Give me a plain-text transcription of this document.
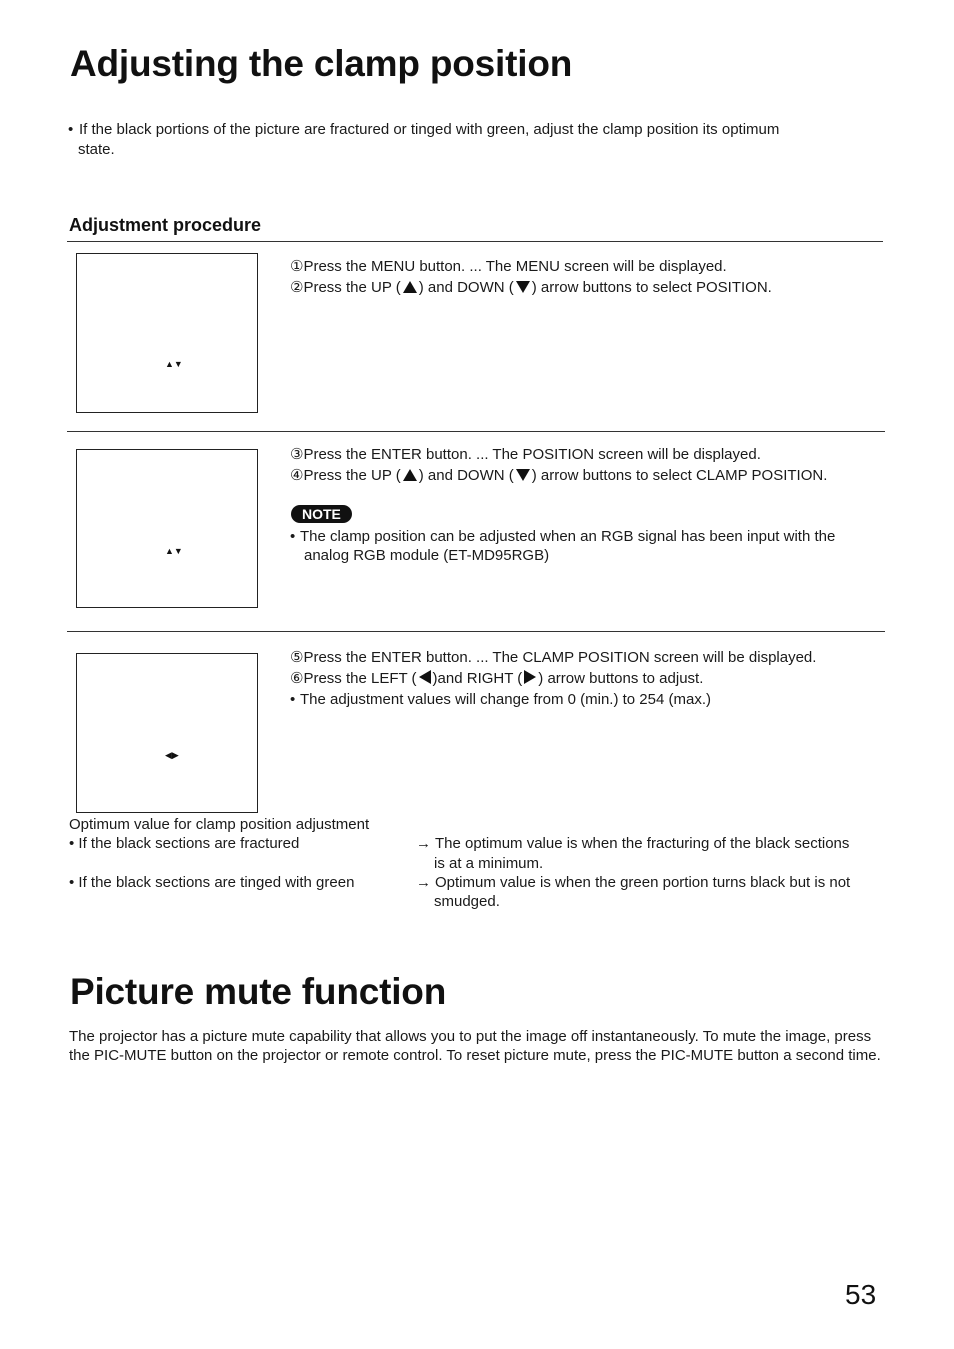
Adjusting the clamp position
• If the black portions of the picture are fractured or tinged with green, adjust the clamp position its optimum
state.
Adjustment procedure
▲▼
①Press the MENU button. ... The MENU screen will be displayed.
②Press the UP ( ) and DOWN ( ) arrow buttons to select POSITION.
▲▼
③Press the ENTER button. ... The POSITION screen will be displayed.
④Press the UP ( ) and DOWN ( ) arrow buttons to select CLAMP POSITION.
NOTE
• The clamp position can be adjusted when an RGB signal has been input with the
analog RGB module (ET-MD95RGB)
◀▶
⑤Press the ENTER button. ... The CLAMP POSITION screen will be displayed.
⑥Press the LEFT ( )and RIGHT ( ) arrow buttons to adjust.
• The adjustment values will change from 0 (min.) to 254 (max.)
Optimum value for clamp position adjustment
• If the black sections are fractured	→ The optimum value is when the fracturing of the black sections
is at a minimum.
• If the black sections are tinged with green	→ Optimum value is when the green portion turns black but is not
smudged.
Picture mute function
The projector has a picture mute capability that allows you to put the image off instantaneously. To mute the image, press the PIC-MUTE button on the projector or remote control. To reset picture mute, press the PIC-MUTE button a second time.
53
